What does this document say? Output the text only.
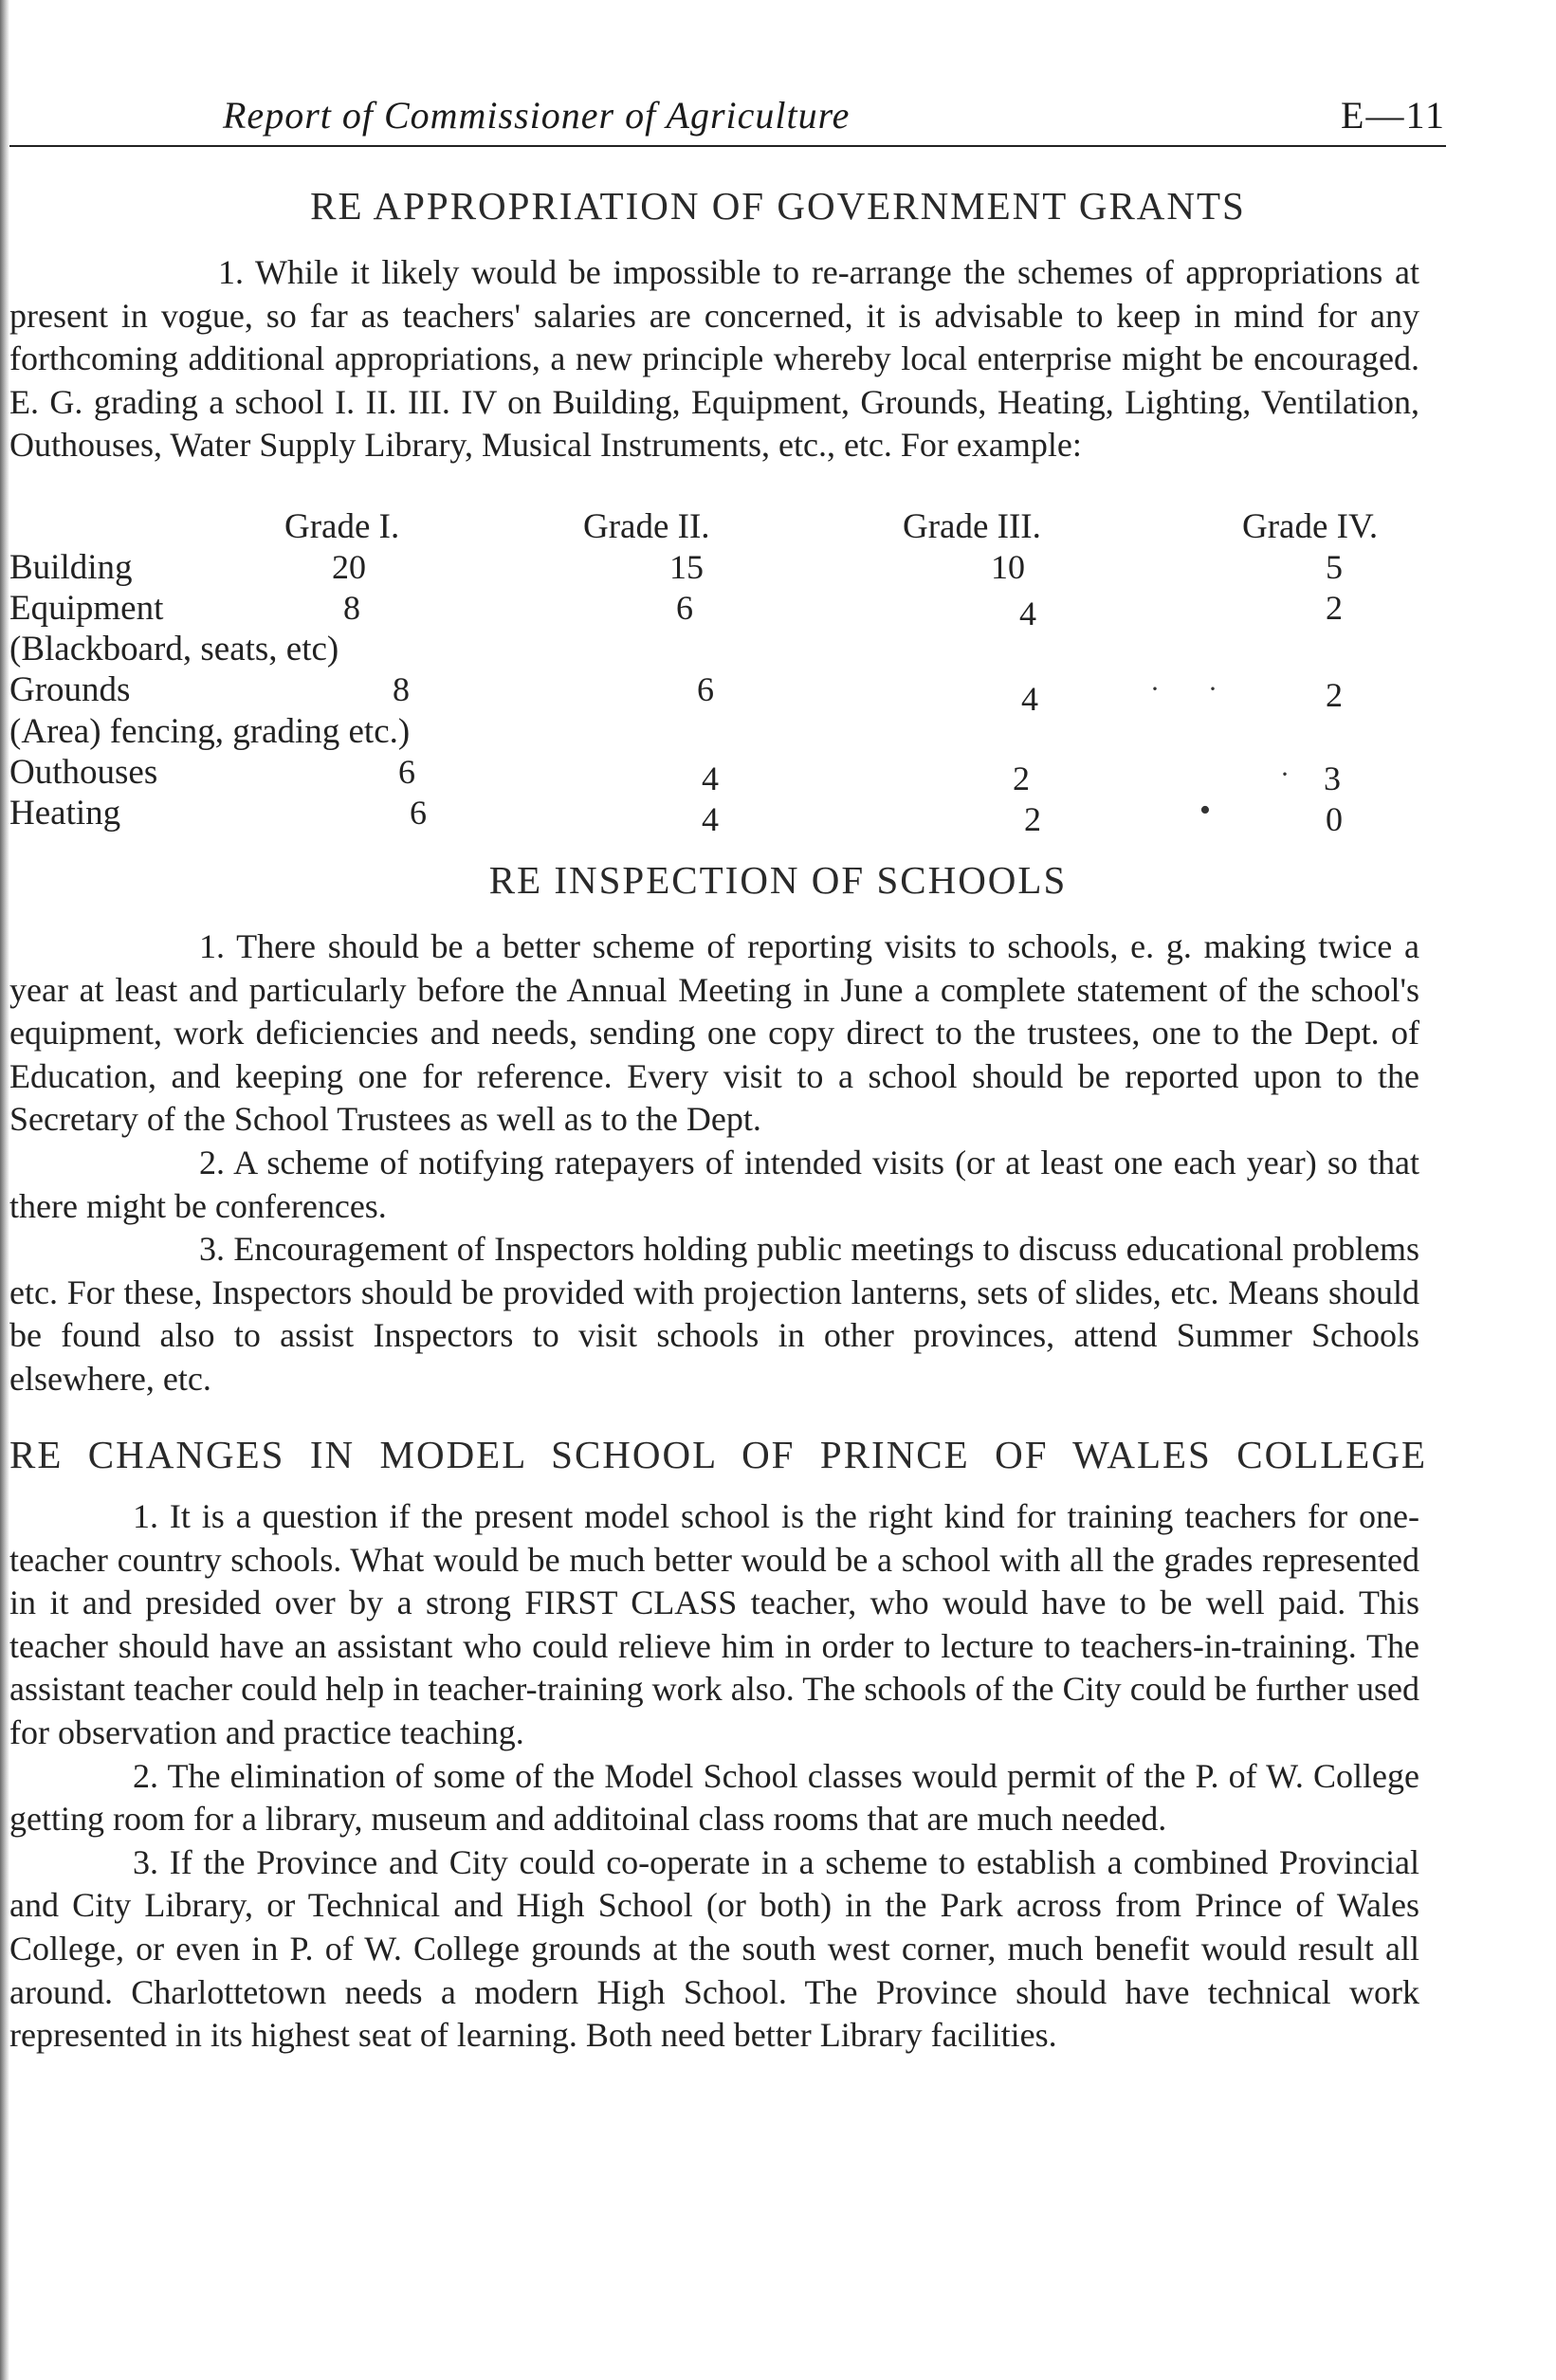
Report of Commissioner of Agriculture	E—11
RE APPROPRIATION OF GOVERNMENT GRANTS

1. While it likely would be impossible to re-arrange the schemes of appropriations at present in vogue, so far as teachers' salaries are concerned, it is advisable to keep in mind for any forthcoming additional appropriations, a new principle whereby local enterprise might be encouraged. E. G. grading a school I. II. III. IV on Building, Equipment, Grounds, Heating, Lighting, Ventilation, Outhouses, Water Supply Library, Musical Instruments, etc., etc. For example:

Grade I.	Grade II.	Grade III.	Grade IV.
Building	20	15	10	5
Equipment	8	6	4	2
(Blackboard, seats, etc)
Grounds	8	6	4	· ·	2
(Area) fencing, grading etc.)
Outhouses	6	4	2	· 3
Heating	6	4	2	•	0
RE INSPECTION OF SCHOOLS

1. There should be a better scheme of reporting visits to schools, e. g. making twice a year at least and particularly before the Annual Meeting in June a complete statement of the school's equipment, work deficiencies and needs, sending one copy direct to the trustees, one to the Dept. of Education, and keeping one for reference. Every visit to a school should be reported upon to the Secretary of the School Trustees as well as to the Dept.

2. A scheme of notifying ratepayers of intended visits (or at least one each year) so that there might be conferences.

3. Encouragement of Inspectors holding public meetings to discuss educational problems etc. For these, Inspectors should be provided with projection lanterns, sets of slides, etc. Means should be found also to assist Inspectors to visit schools in other provinces, attend Summer Schools elsewhere, etc.

RE CHANGES IN MODEL SCHOOL OF PRINCE OF WALES COLLEGE

1. It is a question if the present model school is the right kind for training teachers for one-teacher country schools. What would be much better would be a school with all the grades represented in it and presided over by a strong FIRST CLASS teacher, who would have to be well paid. This teacher should have an assistant who could relieve him in order to lecture to teachers-in-training. The assistant teacher could help in teacher-training work also. The schools of the City could be further used for observation and practice teaching.

2. The elimination of some of the Model School classes would permit of the P. of W. College getting room for a library, museum and additoinal class rooms that are much needed.

3. If the Province and City could co-operate in a scheme to establish a combined Provincial and City Library, or Technical and High School (or both) in the Park across from Prince of Wales College, or even in P. of W. College grounds at the south west corner, much benefit would result all around. Charlottetown needs a modern High School. The Province should have technical work represented in its highest seat of learning. Both need better Library facilities.
